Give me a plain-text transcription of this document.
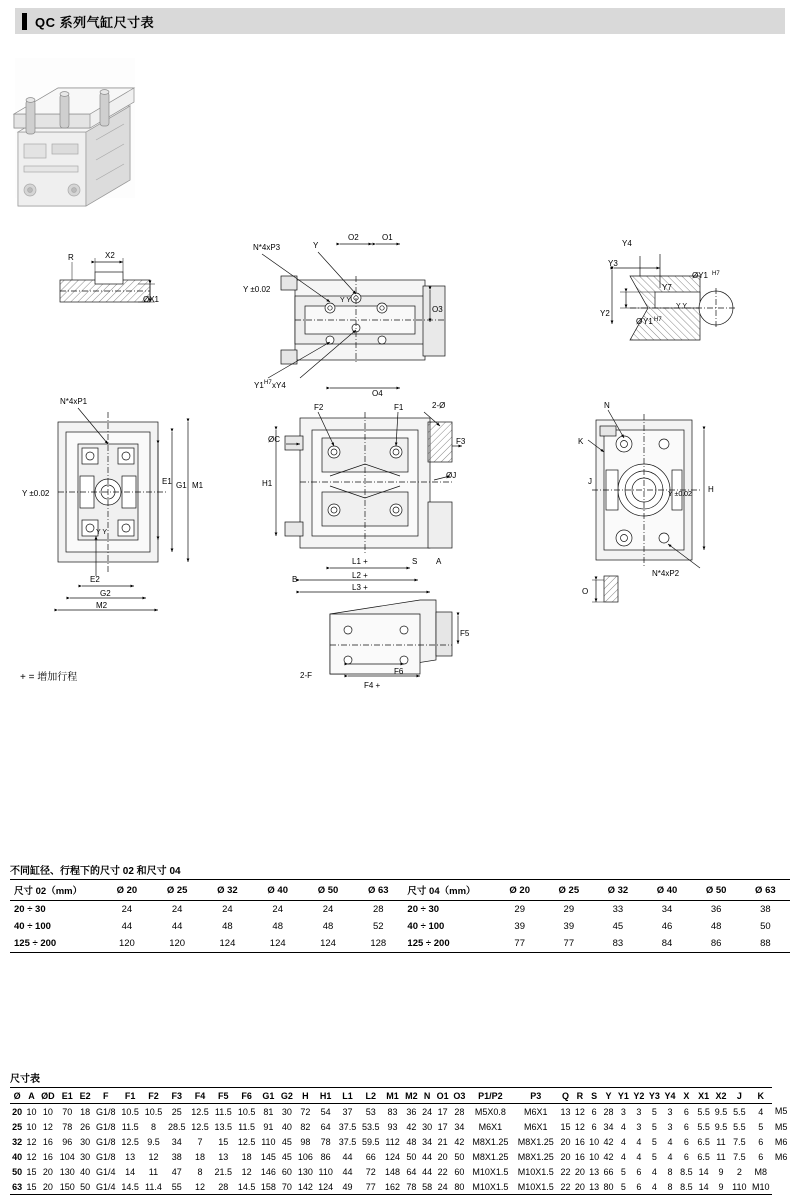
QC 系列气缸尺寸表
R	X2
ØX1
O2	O1
O3
O4
N*4xP3	Y
Y ±0.02
Y1 H7 xY4
Y Y
Y4
Y3
Y7
Y2
Ø Y1 H7
ØY1 H7
Y Y
N*4xP1
Y ±0.02
E1	M1
G1
E2
G2
M2
Y Y
F2	F1	2-Ø
ØC	F3
H1
ØJ
L1 +	S A
B	L2 +
L3 +
F5
2-F
F4 +
F6
N
K
J
Y ±0.02
H
N*4xP2
O
+ = 增加行程
不同缸径、行程下的尺寸 02 和尺寸 04
尺寸 02（mm）	Ø 20	Ø 25	Ø 32	Ø 40	Ø 50	Ø 63	尺寸 04（mm）	Ø 20	Ø 25	Ø 32	Ø 40	Ø 50	Ø 63
20 ÷ 30	24	24	24	24	24	28	20 ÷ 30	29	29	33	34	36	38
40 ÷ 100	44	44	48	48	48	52	40 ÷ 100	39	39	45	46	48	50
125 ÷ 200	120	120	124	124	124	128	125 ÷ 200	77	77	83	84	86	88
尺寸表
Ø	A	ØD	E1	E2	F	F1	F2	F3	F4	F5	F6	G1	G2	H	H1	L1	L2	M1	M2	N	O1	O3	P1/P2	P3	Q	R	S	Y	Y1	Y2	Y3	Y4	X	X1	X2	J	K	
20	10	10	70	18	G1/8	10.5	10.5	25	12.5	11.5	10.5	81	30	72	54	37	53	83	36	24	17	28	M5X0.8	M6X1	13	12	6	28	3	3	5	3	6	5.5	9.5	5.5	4	M5
25	10	12	78	26	G1/8	11.5	8	28.5	12.5	13.5	11.5	91	40	82	64	37.5	53.5	93	42	30	17	34	M6X1	M6X1	15	12	6	34	4	3	5	3	6	5.5	9.5	5.5	5	M5
32	12	16	96	30	G1/8	12.5	9.5	34	7	15	12.5	110	45	98	78	37.5	59.5	112	48	34	21	42	M8X1.25	M8X1.25	20	16	10	42	4	4	5	4	6	6.5	11	7.5	6	M6
40	12	16	104	30	G1/8	13	12	38	18	13	18	145	45	106	86	44	66	124	50	44	20	50	M8X1.25	M8X1.25	20	16	10	42	4	4	5	4	6	6.5	11	7.5	6	M6
50	15	20	130	40	G1/4	14	11	47	8	21.5	12	146	60	130	110	44	72	148	64	44	22	60	M10X1.5	M10X1.5	22	20	13	66	5	6	4	8	8.5	14	9	2	M8	
63	15	20	150	50	G1/4	14.5	11.4	55	12	28	14.5	158	70	142	124	49	77	162	78	58	24	80	M10X1.5	M10X1.5	22	20	13	80	5	6	4	8	8.5	14	9	110	M10	
